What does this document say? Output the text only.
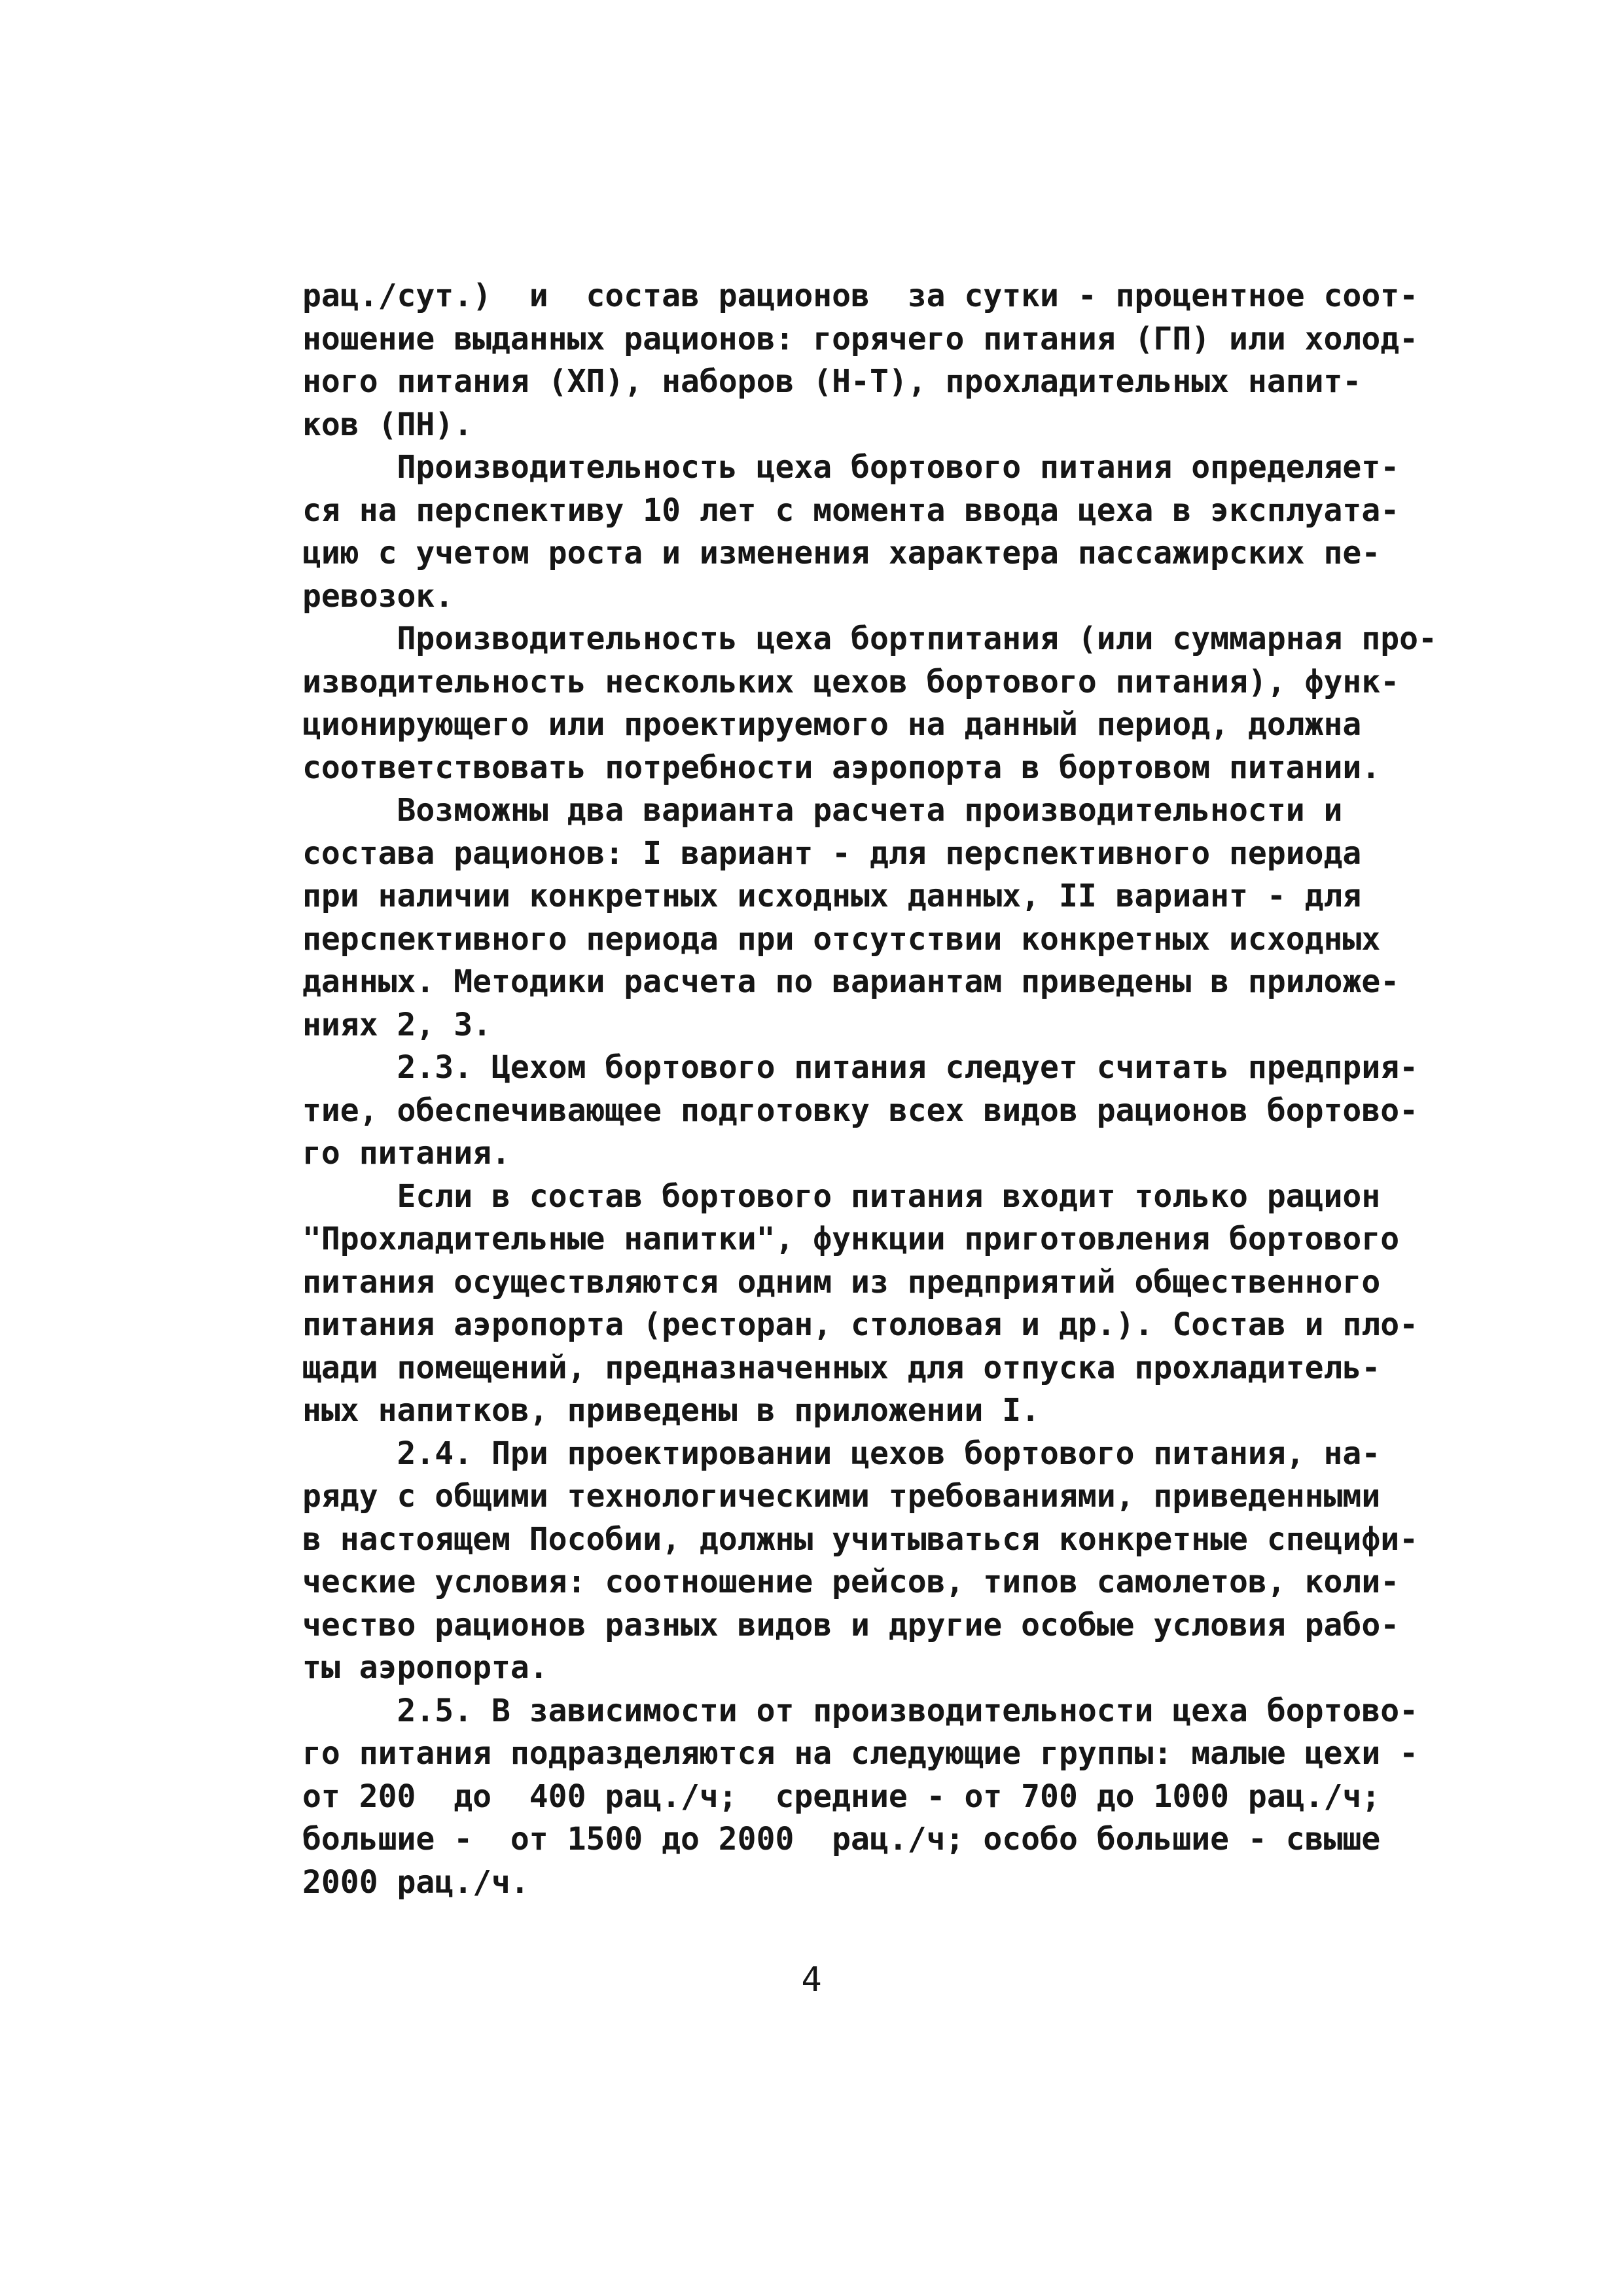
рац./сут.)  и  состав рационов  за сутки - процентное соот-
ношение выданных рационов: горячего питания (ГП) или холод-
ного питания (ХП), наборов (Н-Т), прохладительных напит-
ков (ПН).
Производительность цеха бортового питания определяет-
ся на перспективу 10 лет с момента ввода цеха в эксплуата-
цию с учетом роста и изменения характера пассажирских пе-
ревозок.
Производительность цеха бортпитания (или суммарная про-
изводительность нескольких цехов бортового питания), функ-
ционирующего или проектируемого на данный период, должна
соответствовать потребности аэропорта в бортовом питании.
Возможны два варианта расчета производительности и
состава рационов: I вариант - для перспективного периода
при наличии конкретных исходных данных, II вариант - для
перспективного периода при отсутствии конкретных исходных
данных. Методики расчета по вариантам приведены в приложе-
ниях 2, 3.
2.3. Цехом бортового питания следует считать предприя-
тие, обеспечивающее подготовку всех видов рационов бортово-
го питания.
Если в состав бортового питания входит только рацион
"Прохладительные напитки", функции приготовления бортового
питания осуществляются одним из предприятий общественного
питания аэропорта (ресторан, столовая и др.). Состав и пло-
щади помещений, предназначенных для отпуска прохладитель-
ных напитков, приведены в приложении I.
2.4. При проектировании цехов бортового питания, на-
ряду с общими технологическими требованиями, приведенными
в настоящем Пособии, должны учитываться конкретные специфи-
ческие условия: соотношение рейсов, типов самолетов, коли-
чество рационов разных видов и другие особые условия рабо-
ты аэропорта.
2.5. В зависимости от производительности цеха бортово-
го питания подразделяются на следующие группы: малые цехи -
от 200  до  400 рац./ч;  средние - от 700 до 1000 рац./ч;
большие -  от 1500 до 2000  рац./ч; особо большие - свыше
2000 рац./ч.
4
